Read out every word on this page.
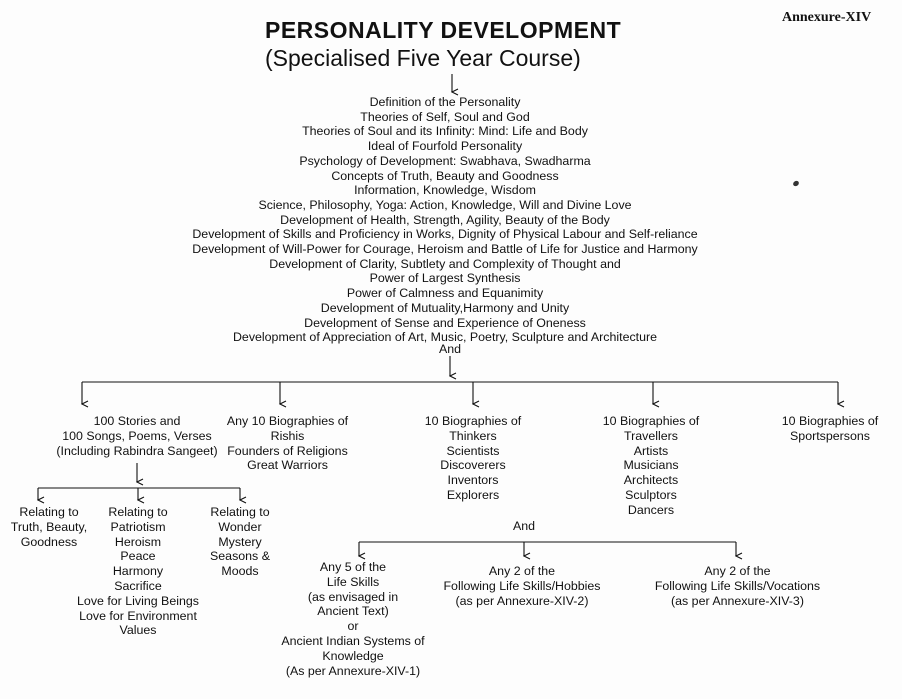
Annexure-XIV
PERSONALITY DEVELOPMENT
(Specialised Five Year Course)
Definition of the Personality
Theories of Self, Soul and God
Theories of Soul and its Infinity: Mind: Life and Body
Ideal of Fourfold Personality
Psychology of Development: Swabhava, Swadharma
Concepts of Truth, Beauty and Goodness
Information, Knowledge, Wisdom
Science, Philosophy, Yoga: Action, Knowledge, Will and Divine Love
Development of Health, Strength, Agility, Beauty of the Body
Development of Skills and Proficiency in Works, Dignity of Physical Labour and Self-reliance
Development of Will-Power for Courage, Heroism and Battle of Life for Justice and Harmony
Development of Clarity, Subtlety and Complexity of Thought and
Power of Largest Synthesis
Power of Calmness and Equanimity
Development of Mutuality,Harmony and Unity
Development of Sense and Experience of Oneness
Development of Appreciation of Art, Music, Poetry, Sculpture and Architecture
And
100 Stories and
100 Songs, Poems, Verses
(Including Rabindra Sangeet)
Any 10 Biographies of
Rishis
Founders of Religions
Great Warriors
10 Biographies of
Thinkers
Scientists
Discoverers
Inventors
Explorers
10 Biographies of
Travellers
Artists
Musicians
Architects
Sculptors
Dancers
10 Biographies of
Sportspersons
Relating to
Truth, Beauty,
Goodness
Relating to
Patriotism
Heroism
Peace
Harmony
Sacrifice
Love for Living Beings
Love for Environment
Values
Relating to
Wonder
Mystery
Seasons &
Moods
And
Any 5 of the
Life Skills
(as envisaged in
Ancient Text)
or
Ancient Indian Systems of
Knowledge
(As per Annexure-XIV-1)
Any 2 of the
Following Life Skills/Hobbies
(as per Annexure-XIV-2)
Any 2 of the
Following Life Skills/Vocations
(as per Annexure-XIV-3)
